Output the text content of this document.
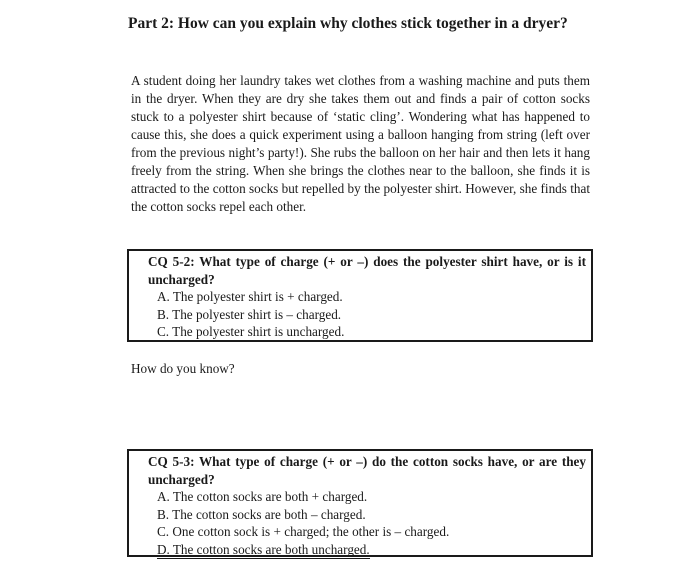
Part 2: How can you explain why clothes stick together in a dryer?

A student doing her laundry takes wet clothes from a washing machine and puts them in the dryer. When they are dry she takes them out and finds a pair of cotton socks stuck to a polyester shirt because of ‘static cling’. Wondering what has happened to cause this, she does a quick experiment using a balloon hanging from string (left over from the previous night’s party!). She rubs the balloon on her hair and then lets it hang freely from the string. When she brings the clothes near to the balloon, she finds it is attracted to the cotton socks but repelled by the polyester shirt. However, she finds that the cotton socks repel each other.

CQ 5-2: What type of charge (+ or –) does the polyester shirt have, or is it uncharged?

A. The polyester shirt is + charged.

B. The polyester shirt is – charged.

C. The polyester shirt is uncharged.

How do you know?

CQ 5-3: What type of charge (+ or –) do the cotton socks have, or are they uncharged?

A. The cotton socks are both + charged.

B. The cotton socks are both – charged.

C. One cotton sock is + charged; the other is – charged.

D. The cotton socks are both uncharged.
